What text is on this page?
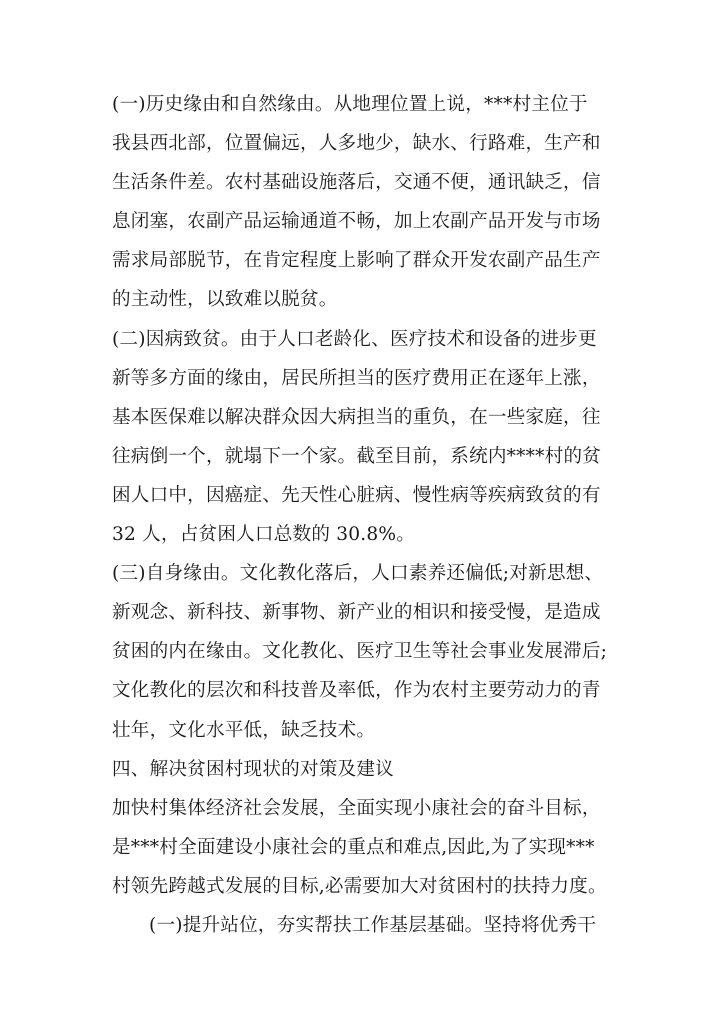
(一)历史缘由和自然缘由。从地理位置上说，***村主位于
我县西北部，位置偏远，人多地少，缺水、行路难，生产和
生活条件差。农村基础设施落后，交通不便，通讯缺乏，信
息闭塞，农副产品运输通道不畅，加上农副产品开发与市场
需求局部脱节，在肯定程度上影响了群众开发农副产品生产
的主动性，以致难以脱贫。
(二)因病致贫。由于人口老龄化、医疗技术和设备的进步更
新等多方面的缘由，居民所担当的医疗费用正在逐年上涨，
基本医保难以解决群众因大病担当的重负，在一些家庭，往
往病倒一个，就塌下一个家。截至目前，系统内****村的贫
困人口中，因癌症、先天性心脏病、慢性病等疾病致贫的有
32 人，占贫困人口总数的 30.8%。
(三)自身缘由。文化教化落后，人口素养还偏低;对新思想、
新观念、新科技、新事物、新产业的相识和接受慢，是造成
贫困的内在缘由。文化教化、医疗卫生等社会事业发展滞后;
文化教化的层次和科技普及率低，作为农村主要劳动力的青
壮年，文化水平低，缺乏技术。
四、解决贫困村现状的对策及建议
加快村集体经济社会发展，全面实现小康社会的奋斗目标，
是***村全面建设小康社会的重点和难点,因此,为了实现***
村领先跨越式发展的目标,必需要加大对贫困村的扶持力度。
(一)提升站位，夯实帮扶工作基层基础。坚持将优秀干
